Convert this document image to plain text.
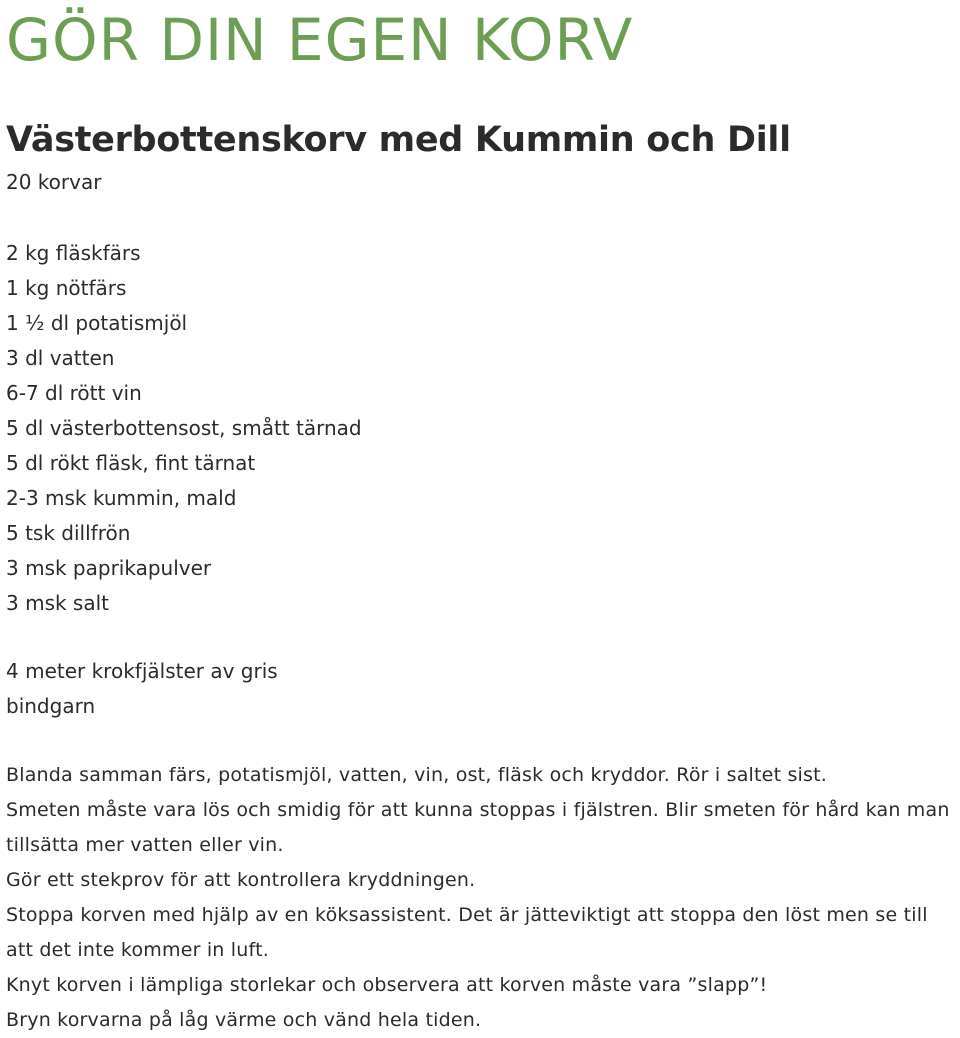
GÖR DIN EGEN KORV
Västerbottenskorv med Kummin och Dill
20 korvar
2 kg fläskfärs
1 kg nötfärs
1 ½ dl potatismjöl
3 dl vatten
6-7 dl rött vin
5 dl västerbottensost, smått tärnad
5 dl rökt fläsk, fint tärnat
2-3 msk kummin, mald
5 tsk dillfrön
3 msk paprikapulver
3 msk salt
4 meter krokfjälster av gris
bindgarn

Blanda samman färs, potatismjöl, vatten, vin, ost, fläsk och kryddor. Rör i saltet sist.

Smeten måste vara lös och smidig för att kunna stoppas i fjälstren. Blir smeten för hård kan man tillsätta mer vatten eller vin.

Gör ett stekprov för att kontrollera kryddningen.

Stoppa korven med hjälp av en köksassistent. Det är jätteviktigt att stoppa den löst men se till att det inte kommer in luft.

Knyt korven i lämpliga storlekar och observera att korven måste vara ”slapp”!

Bryn korvarna på låg värme och vänd hela tiden.
